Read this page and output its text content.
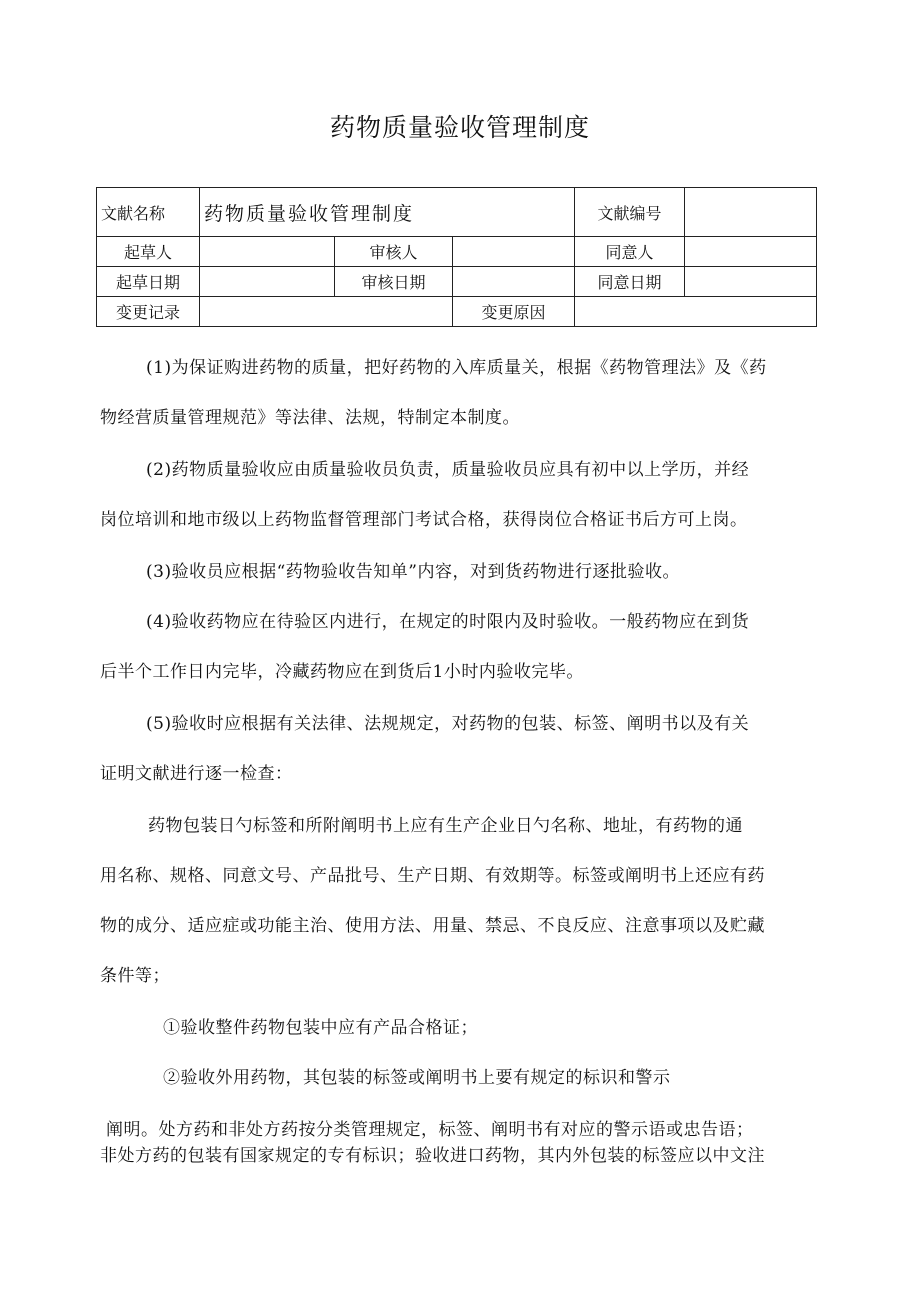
药物质量验收管理制度
文献名称	药物质量验收管理制度			文献编号	
起草人		审核人		同意人	
起草日期		审核日期		同意日期	
变更记录			变更原因		
(1)为保证购进药物的质量，把好药物的入库质量关，根据《药物管理法》及《药
物经营质量管理规范》等法律、法规，特制定本制度。
(2)药物质量验收应由质量验收员负责，质量验收员应具有初中以上学历，并经
岗位培训和地市级以上药物监督管理部门考试合格，获得岗位合格证书后方可上岗。
(3)验收员应根据“药物验收告知单”内容，对到货药物进行逐批验收。
(4)验收药物应在待验区内进行，在规定的时限内及时验收。一般药物应在到货
后半个工作日内完毕，冷藏药物应在到货后1小时内验收完毕。
(5)验收时应根据有关法律、法规规定，对药物的包装、标签、阐明书以及有关
证明文献进行逐一检查：
药物包装日勺标签和所附阐明书上应有生产企业日勺名称、地址，有药物的通
用名称、规格、同意文号、产品批号、生产日期、有效期等。标签或阐明书上还应有药
物的成分、适应症或功能主治、使用方法、用量、禁忌、不良反应、注意事项以及贮藏
条件等；
①验收整件药物包装中应有产品合格证；
②验收外用药物，其包装的标签或阐明书上要有规定的标识和警示
阐明。处方药和非处方药按分类管理规定，标签、阐明书有对应的警示语或忠告语；
非处方药的包装有国家规定的专有标识；验收进口药物，其内外包装的标签应以中文注
